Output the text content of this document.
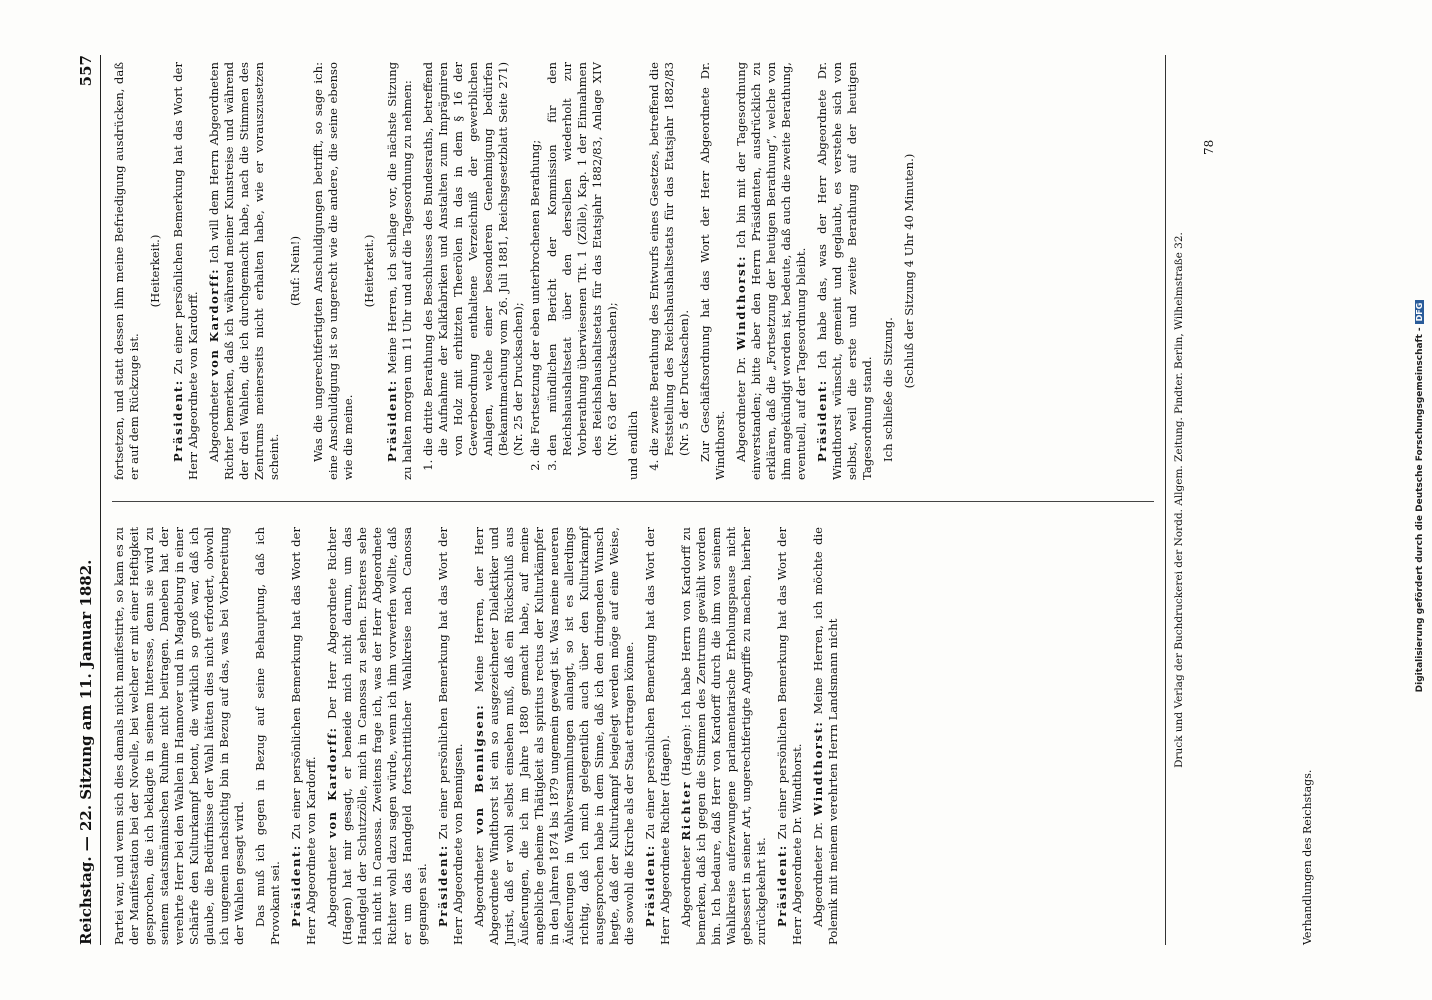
Reichstag. — 22. Sitzung am 11. Januar 1882.
557

Partei war, und wenn sich dies damals nicht manifestirte, so kam es zu der Manifestation bei der Novelle, bei welcher er mit einer Heftigkeit gesprochen, die ich beklagte in seinem Interesse, denn sie wird zu seinem staatsmännischen Ruhme nicht beitragen. Daneben hat der verehrte Herr bei den Wahlen in Hannover und in Magdeburg in einer Schärfe den Kulturkampf betont, die wirklich so groß war, daß ich glaube, die Bedürfnisse der Wahl hätten dies nicht erfordert, obwohl ich ungemein nachsichtig bin in Bezug auf das, was bei Vorbereitung der Wahlen gesagt wird. Das muß ich gegen in Bezug auf seine Behauptung, daß ich Provokant sei. Präsident: Zu einer persönlichen Bemerkung hat das Wort der Herr Abgeordnete von Kardorff. Abgeordneter von Kardorff: Der Herr Abgeordnete Richter (Hagen) hat mir gesagt, er beneide mich nicht darum, um das Handgeld der Schutzzölle, mich in Canossa zu sehen. Ersteres sehe ich nicht in Canossa. Zweitens frage ich, was der Herr Abgeordnete Richter wohl dazu sagen würde, wenn ich ihm vorwerfen wollte, daß er um das Handgeld fortschrittlicher Wahlkreise nach Canossa gegangen sei. Präsident: Zu einer persönlichen Bemerkung hat das Wort der Herr Abgeordnete von Bennigsen. Abgeordneter von Bennigsen: Meine Herren, der Herr Abgeordnete Windthorst ist ein so ausgezeichneter Dialektiker und Jurist, daß er wohl selbst einsehen muß, daß ein Rückschluß aus Äußerungen, die ich im Jahre 1880 gemacht habe, auf meine angebliche geheime Thätigkeit als spiritus rectus der Kulturkämpfer in den Jahren 1874 bis 1879 ungemein gewagt ist. Was meine neueren Äußerungen in Wahlversammlungen anlangt, so ist es allerdings richtig, daß ich mich gelegentlich auch über den Kulturkampf ausgesprochen habe in dem Sinne, daß ich den dringenden Wunsch hegte, daß der Kulturkampf beigelegt werden möge auf eine Weise, die sowohl die Kirche als der Staat ertragen könne. Präsident: Zu einer persönlichen Bemerkung hat das Wort der Herr Abgeordnete Richter (Hagen). Abgeordneter Richter (Hagen): Ich habe Herrn von Kardorff zu bemerken, daß ich gegen die Stimmen des Zentrums gewählt worden bin. Ich bedaure, daß Herr von Kardorff durch die ihm von seinem Wahlkreise auferzwungene parlamentarische Erholungspause nicht gebessert in seiner Art, ungerechtfertigte Angriffe zu machen, hierher zurückgekehrt ist. Präsident: Zu einer persönlichen Bemerkung hat das Wort der Herr Abgeordnete Dr. Windthorst. Abgeordneter Dr. Windthorst: Meine Herren, ich möchte die Polemik mit meinem verehrten Herrn Landsmann nicht

fortsetzen, und statt dessen ihm meine Befriedigung ausdrücken, daß er auf dem Rückzuge ist.

(Heiterkeit.)

Präsident: Zu einer persönlichen Bemerkung hat das Wort der Herr Abgeordnete von Kardorff. Abgeordneter von Kardorff: Ich will dem Herrn Abgeordneten Richter bemerken, daß ich während meiner Kunstreise und während der drei Wahlen, die ich durchgemacht habe, nach die Stimmen des Zentrums meinerseits nicht erhalten habe, wie er vorauszusetzen scheint.

(Ruf: Nein!) Was die ungerechtfertigten Anschuldigungen betrifft, so sage ich: eine Anschuldigung ist so ungerecht wie die andere, die seine ebenso wie die meine.

(Heiterkeit.)

Präsident: Meine Herren, ich schlage vor, die nächste Sitzung zu halten morgen um 11 Uhr und auf die Tagesordnung zu nehmen: 1. die dritte Berathung des Beschlusses des Bundesraths, betreffend die Aufnahme der Kalkfabriken und Anstalten zum Imprägniren von Holz mit erhitzten Theerölen in das in dem § 16 der Gewerbeordnung enthaltene Verzeichniß der gewerblichen Anlagen, welche einer besonderen Genehmigung bedürfen (Bekanntmachung vom 26. Juli 1881, Reichsgesetzblatt Seite 271) (Nr. 25 der Drucksachen); 2. die Fortsetzung der eben unterbrochenen Berathung; 3. den mündlichen Bericht der Kommission für den Reichshaushaltsetat über den derselben wiederholt zur Vorberathung überwiesenen Tit. 1 (Zölle), Kap. 1 der Einnahmen des Reichshaushaltsetats für das Etatsjahr 1882/83, Anlage XIV (Nr. 63 der Drucksachen); und endlich 4. die zweite Berathung des Entwurfs eines Gesetzes, betreffend die Feststellung des Reichshaushaltsetats für das Etatsjahr 1882/83 (Nr. 5 der Drucksachen). Zur Geschäftsordnung hat das Wort der Herr Abgeordnete Dr. Windthorst. Abgeordneter Dr. Windthorst: Ich bin mit der Tagesordnung einverstanden; bitte aber den Herrn Präsidenten, ausdrücklich zu erklären, daß die „Fortsetzung der heutigen Berathung“, welche von ihm angekündigt worden ist, bedeute, daß auch die zweite Berathung, eventuell, auf der Tagesordnung bleibt. Präsident: Ich habe das, was der Herr Abgeordnete Dr. Windthorst wünscht, gemeint und geglaubt, es verstehe sich von selbst, weil die erste und zweite Berathung auf der heutigen Tagesordnung stand. Ich schließe die Sitzung.

(Schluß der Sitzung 4 Uhr 40 Minuten.)	Druck und Verlag der Buchdruckerei der Nordd. Allgem. Zeitung. Pindter. Berlin, Wilhelmstraße 32.
78
Verhandlungen des Reichstags.
Digitalisierung gefördert durch die Deutsche Forschungsgemeinschaft -DFG
